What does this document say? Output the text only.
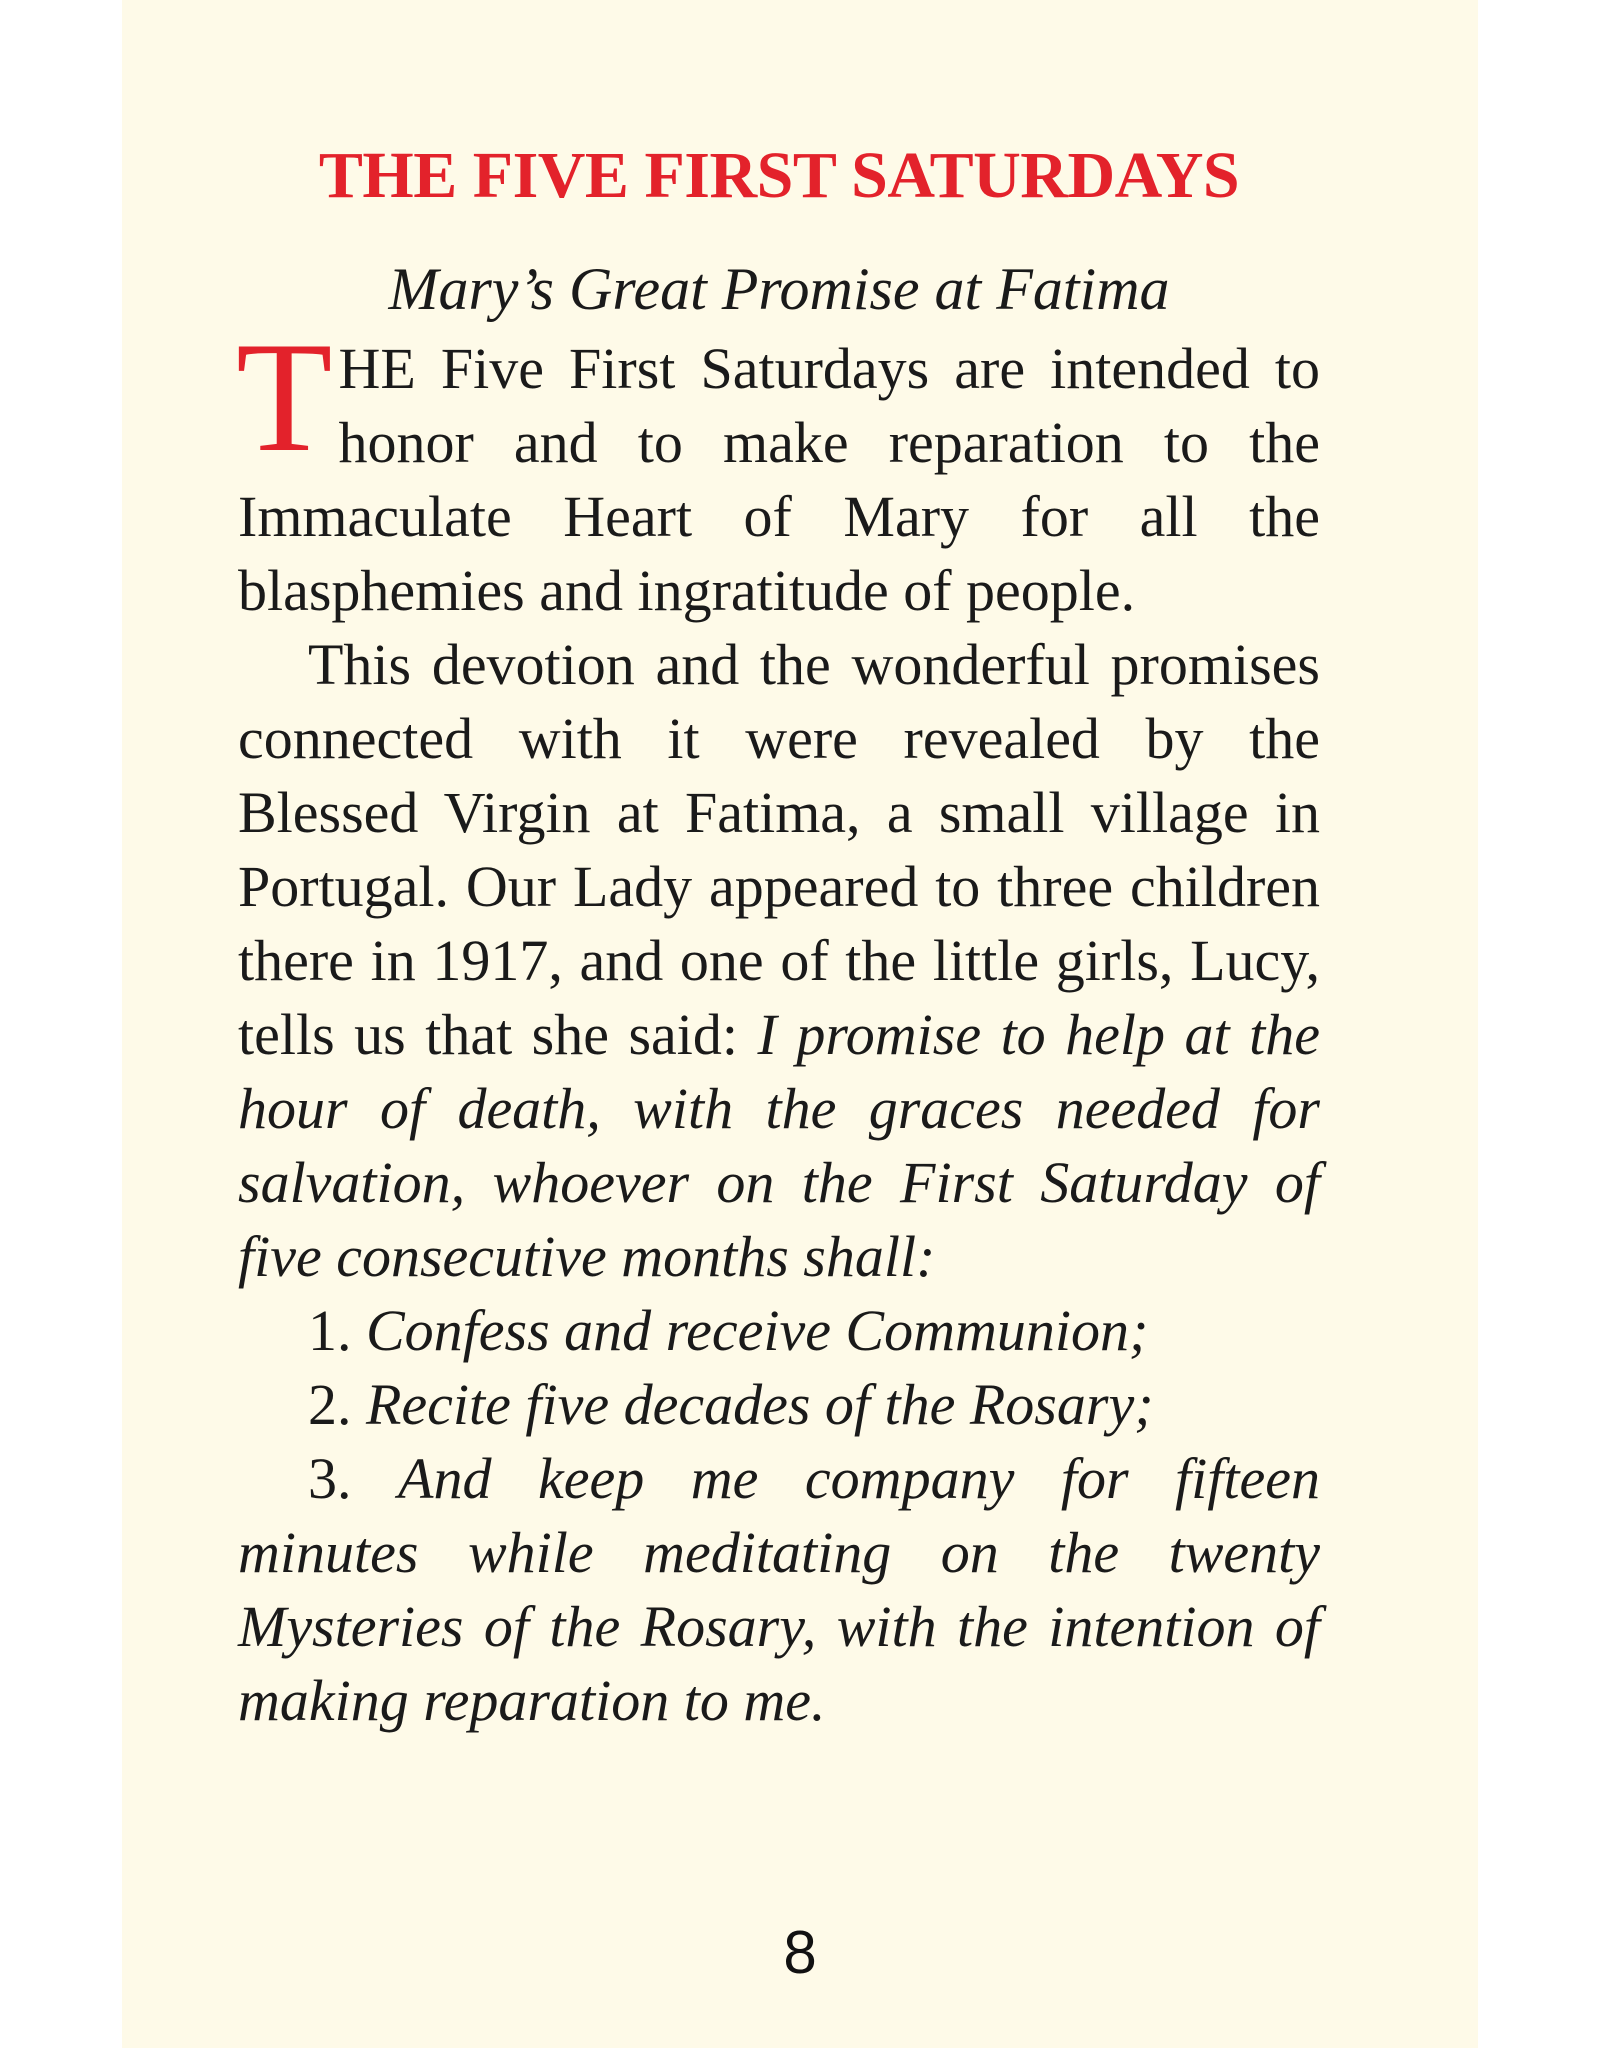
THE FIVE FIRST SATURDAYS
Mary’s Great Promise at Fatima

THE Five First Saturdays are intended to honor and to make reparation to the Immaculate Heart of Mary for all the blasphemies and ingratitude of people.

This devotion and the wonderful promises connected with it were revealed by the Blessed Virgin at Fatima, a small village in Portugal. Our Lady appeared to three children there in 1917, and one of the little girls, Lucy, tells us that she said: I promise to help at the hour of death, with the graces needed for salvation, whoever on the First Saturday of five consecutive months shall:

1. Confess and receive Communion;

2. Recite five decades of the Rosary;

3. And keep me company for fifteen minutes while meditating on the twenty Mysteries of the Rosary, with the intention of making reparation to me.

8
